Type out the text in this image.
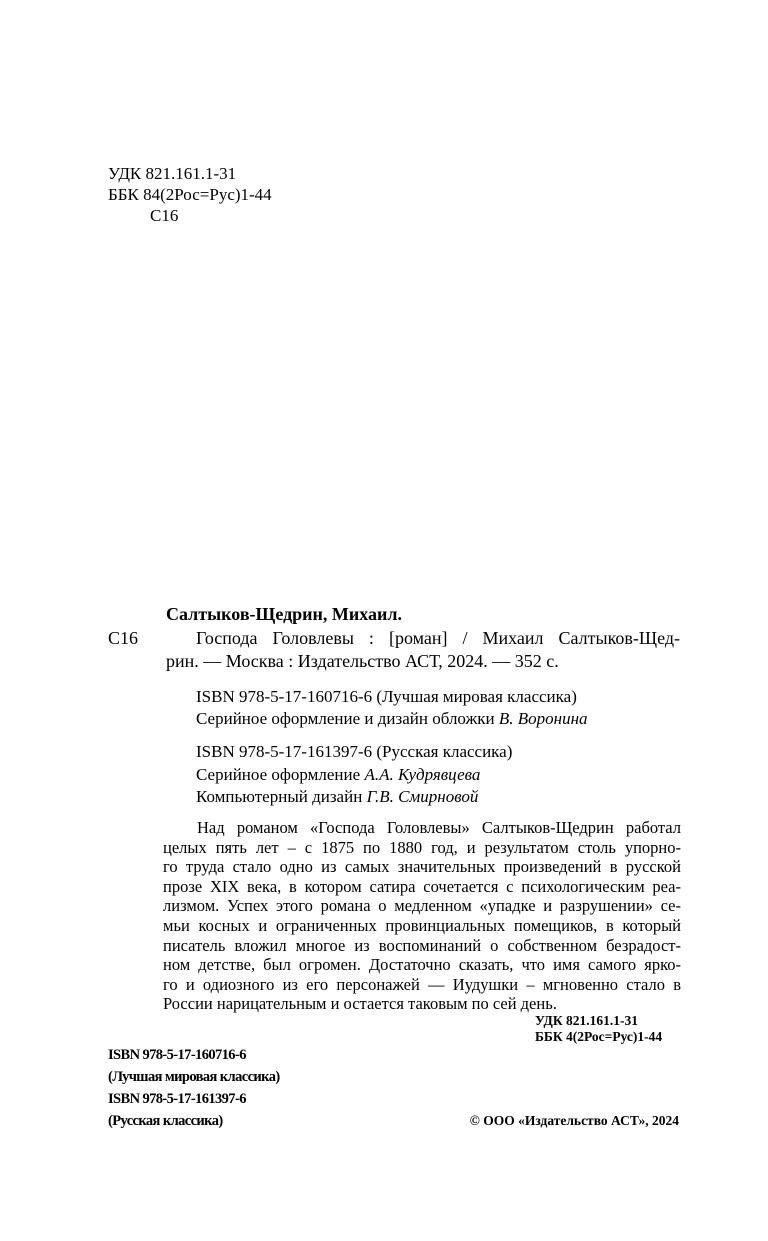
УДК 821.161.1-31
ББК 84(2Рос=Рус)1-44
С16
Салтыков-Щедрин, Михаил.
С16	Господа Головлевы : [роман] / Михаил Салтыков-Щед-
рин. — Москва : Издательство АСТ, 2024. — 352 с.
ISBN 978-5-17-160716-6 (Лучшая мировая классика)
Серийное оформление и дизайн обложки В. Воронина
ISBN 978-5-17-161397-6 (Русская классика)
Серийное оформление А.А. Кудрявцева
Компьютерный дизайн Г.В. Смирновой
Над романом «Господа Головлевы» Салтыков-Щедрин работал
целых пять лет – с 1875 по 1880 год, и результатом столь упорно-
го труда стало одно из самых значительных произведений в русской
прозе XIX века, в котором сатира сочетается с психологическим реа-
лизмом. Успех этого романа о медленном «упадке и разрушении» се-
мьи косных и ограниченных провинциальных помещиков, в который
писатель вложил многое из воспоминаний о собственном безрадост-
ном детстве, был огромен. Достаточно сказать, что имя самого ярко-
го и одиозного из его персонажей — Иудушки – мгновенно стало в
России нарицательным и остается таковым по сей день.
УДК 821.161.1-31
ББК 4(2Рос=Рус)1-44
ISBN 978-5-17-160716-6
(Лучшая мировая классика)
ISBN 978-5-17-161397-6
(Русская классика)	© ООО «Издательство АСТ», 2024
